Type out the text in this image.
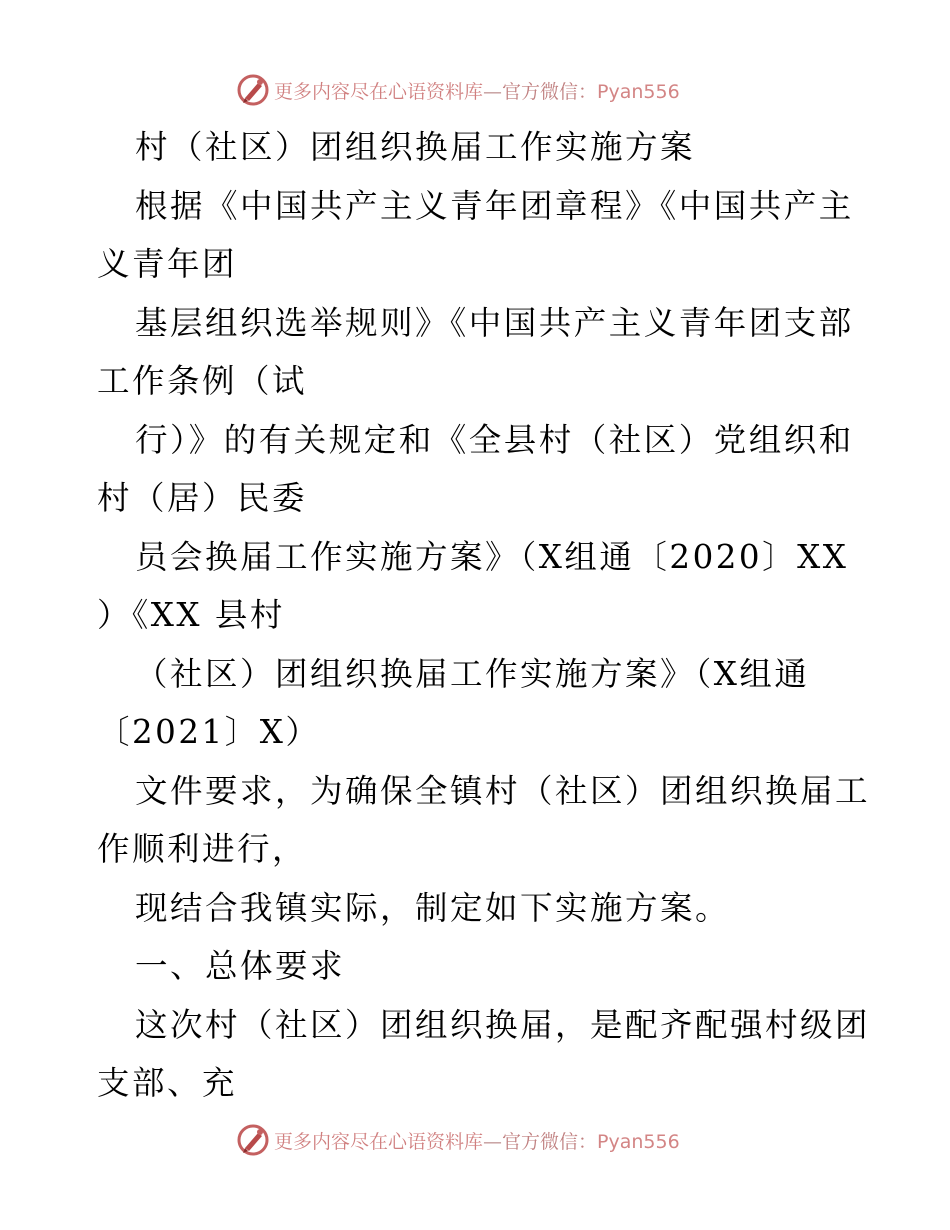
更多内容尽在心语资料库—官方微信：Pyan556
村（社区）团组织换届工作实施方案
根据《中国共产主义青年团章程》《中国共产主
义青年团
基层组织选举规则》《中国共产主义青年团支部
工作条例（试
行）》的有关规定和《全县村（社区）党组织和
村（居）民委
员会换届工作实施方案》（X组通〔2020〕XX
）《XX 县村
（社区）团组织换届工作实施方案》（X组通
〔2021〕X）
文件要求，为确保全镇村（社区）团组织换届工
作顺利进行，
现结合我镇实际，制定如下实施方案。
一、总体要求
这次村（社区）团组织换届，是配齐配强村级团
支部、充
更多内容尽在心语资料库—官方微信：Pyan556
